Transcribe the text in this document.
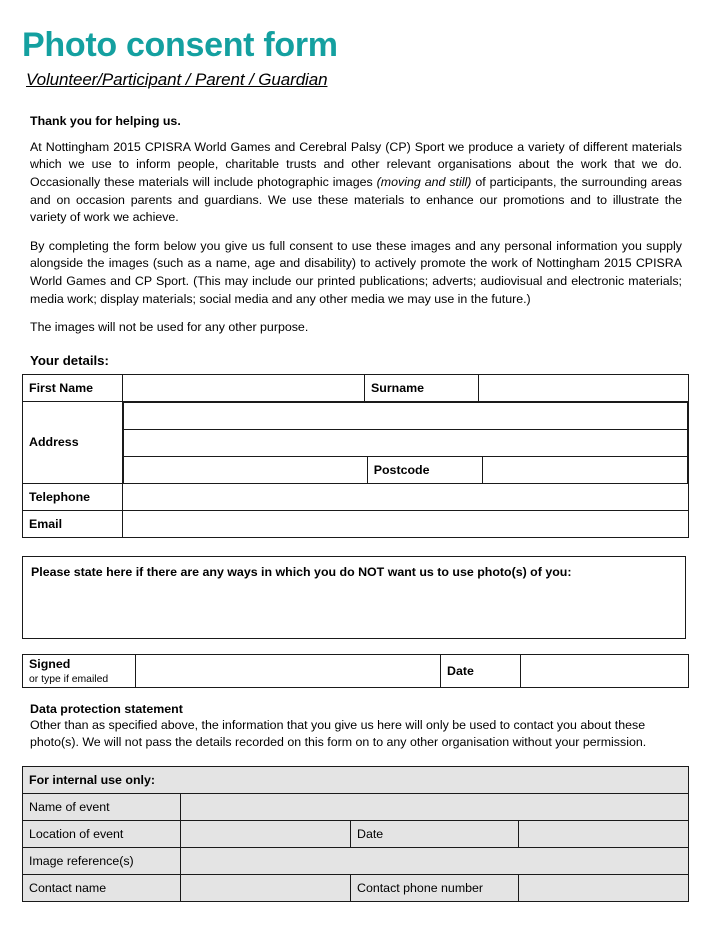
Photo consent form
Volunteer/Participant / Parent / Guardian
Thank you for helping us.

At Nottingham 2015 CPISRA World Games and Cerebral Palsy (CP) Sport we produce a variety of different materials which we use to inform people, charitable trusts and other relevant organisations about the work that we do. Occasionally these materials will include photographic images (moving and still) of participants, the surrounding areas and on occasion parents and guardians. We use these materials to enhance our promotions and to illustrate the variety of work we achieve.

By completing the form below you give us full consent to use these images and any personal information you supply alongside the images (such as a name, age and disability) to actively promote the work of Nottingham 2015 CPISRA World Games and CP Sport. (This may include our printed publications; adverts; audiovisual and electronic materials; media work; display materials; social media and any other media we may use in the future.)

The images will not be used for any other purpose.

Your details:
First Name		Surname	
Address	

	Postcode	

Telephone	
Email	
Please state here if there are any ways in which you do NOT want us to use photo(s) of you:
Signed
or type if emailed
		Date	
Data protection statement
Other than as specified above, the information that you give us here will only be used to contact you about these photo(s). We will not pass the details recorded on this form on to any other organisation without your permission.
For internal use only:			
Name of event			
Location of event		Date	
Image reference(s)			
Contact name		Contact phone number	
